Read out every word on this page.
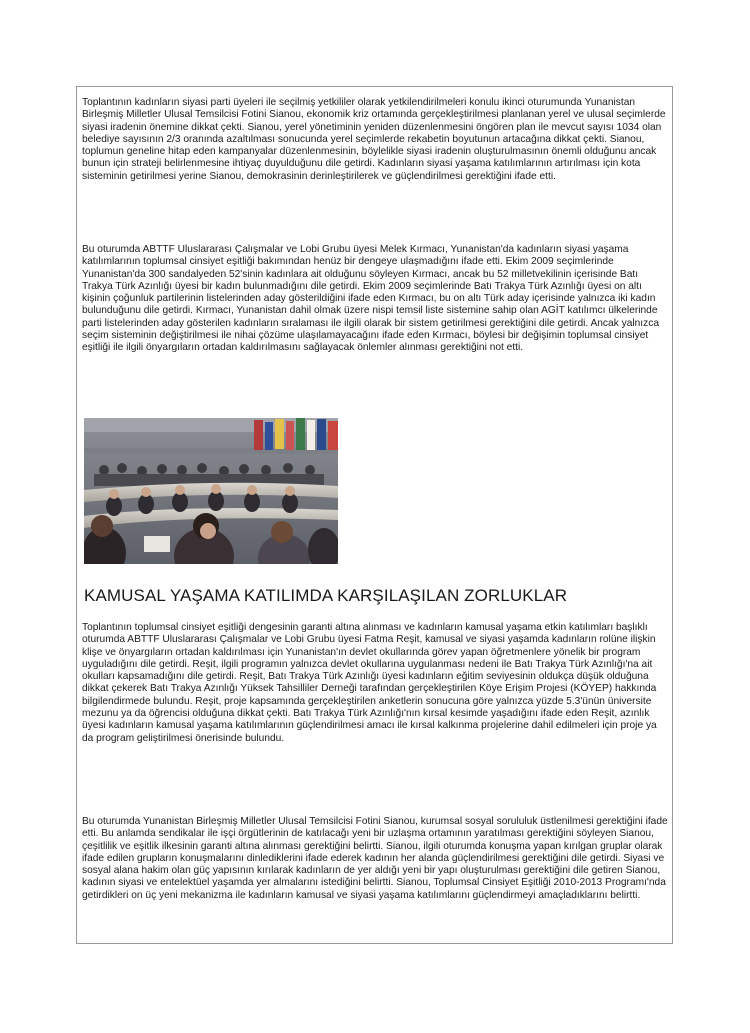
Toplantının kadınların siyasi parti üyeleri ile seçilmiş yetkililer olarak yetkilendirilmeleri konulu ikinci oturumunda Yunanistan Birleşmiş Milletler Ulusal Temsilcisi Fotini Sianou, ekonomik kriz ortamında gerçekleştirilmesi planlanan yerel ve ulusal seçimlerde siyasi iradenin önemine dikkat çekti. Sianou, yerel yönetiminin yeniden düzenlenmesini öngören plan ile mevcut sayısı 1034 olan belediye sayısının 2/3 oranında azaltılması sonucunda yerel seçimlerde rekabetin boyutunun artacağına dikkat çekti. Sianou, toplumun geneline hitap eden kampanyalar düzenlenmesinin, böylelikle siyasi iradenin oluşturulmasının önemli olduğunu ancak bunun için strateji belirlenmesine ihtiyaç duyulduğunu dile getirdi. Kadınların siyasi yaşama katılımlarının artırılması için kota sisteminin getirilmesi yerine Sianou, demokrasinin derinleştirilerek ve güçlendirilmesi gerektiğini ifade etti.

Bu oturumda ABTTF Uluslararası Çalışmalar ve Lobi Grubu üyesi Melek Kırmacı, Yunanistan'da kadınların siyasi yaşama katılımlarının toplumsal cinsiyet eşitliği bakımından henüz bir dengeye ulaşmadığını ifade etti. Ekim 2009 seçimlerinde Yunanistan'da 300 sandalyeden 52'sinin kadınlara ait olduğunu söyleyen Kırmacı, ancak bu 52 milletvekilinin içerisinde Batı Trakya Türk Azınlığı üyesi bir kadın bulunmadığını dile getirdi. Ekim 2009 seçimlerinde Batı Trakya Türk Azınlığı üyesi on altı kişinin çoğunluk partilerinin listelerinden aday gösterildiğini ifade eden Kırmacı, bu on altı Türk aday içerisinde yalnızca iki kadın bulunduğunu dile getirdi. Kırmacı, Yunanistan dahil olmak üzere nispi temsil liste sistemine sahip olan AGİT katılımcı ülkelerinde parti listelerinden aday gösterilen kadınların sıralaması ile ilgili olarak bir sistem getirilmesi gerektiğini dile getirdi. Ancak yalnızca seçim sisteminin değiştirilmesi ile nihai çözüme ulaşılamayacağını ifade eden Kırmacı, böylesi bir değişimin toplumsal cinsiyet eşitliği ile ilgili önyargıların ortadan kaldırılmasını sağlayacak önlemler alınması gerektiğini not etti.

KAMUSAL YAŞAMA KATILIMDA KARŞILAŞILAN ZORLUKLAR

Toplantının toplumsal cinsiyet eşitliği dengesinin garanti altına alınması ve kadınların kamusal yaşama etkin katılımları başlıklı oturumda ABTTF Uluslararası Çalışmalar ve Lobi Grubu üyesi Fatma Reşit, kamusal ve siyasi yaşamda kadınların rolüne ilişkin klişe ve önyargıların ortadan kaldırılması için Yunanistan'ın devlet okullarında görev yapan öğretmenlere yönelik bir program uyguladığını dile getirdi. Reşit, ilgili programın yalnızca devlet okullarına uygulanması nedeni ile Batı Trakya Türk Azınlığı'na ait okulları kapsamadığını dile getirdi. Reşit, Batı Trakya Türk Azınlığı üyesi kadınların eğitim seviyesinin oldukça düşük olduğuna dikkat çekerek Batı Trakya Azınlığı Yüksek Tahsilliler Derneği tarafından gerçekleştirilen Köye Erişim Projesi (KÖYEP) hakkında bilgilendirmede bulundu. Reşit, proje kapsamında gerçekleştirilen anketlerin sonucuna göre yalnızca yüzde 5.3'ünün üniversite mezunu ya da öğrencisi olduğuna dikkat çekti. Batı Trakya Türk Azınlığı'nın kırsal kesimde yaşadığını ifade eden Reşit, azınlık üyesi kadınların kamusal yaşama katılımlarının güçlendirilmesi amacı ile kırsal kalkınma projelerine dahil edilmeleri için proje ya da program geliştirilmesi önerisinde bulundu.

Bu oturumda Yunanistan Birleşmiş Milletler Ulusal Temsilcisi Fotini Sianou, kurumsal sosyal sorululuk üstlenilmesi gerektiğini ifade etti. Bu anlamda sendikalar ile işçi örgütlerinin de katılacağı yeni bir uzlaşma ortamının yaratılması gerektiğini söyleyen Sianou, çeşitlilik ve eşitlik ilkesinin garanti altına alınması gerektiğini belirtti. Sianou, ilgili oturumda konuşma yapan kırılgan gruplar olarak ifade edilen grupların konuşmalarını dinlediklerini ifade ederek kadının her alanda güçlendirilmesi gerektiğini dile getirdi. Siyasi ve sosyal alana hakim olan güç yapısının kırılarak kadınların de yer aldığı yeni bir yapı oluşturulması gerektiğini dile getiren Sianou, kadının siyasi ve entelektüel yaşamda yer almalarını istediğini belirtti. Sianou, Toplumsal Cinsiyet Eşitliği 2010-2013 Programı'nda getirdikleri on üç yeni mekanizma ile kadınların kamusal ve siyasi yaşama katılımlarını güçlendirmeyi amaçladıklarını belirtti.
